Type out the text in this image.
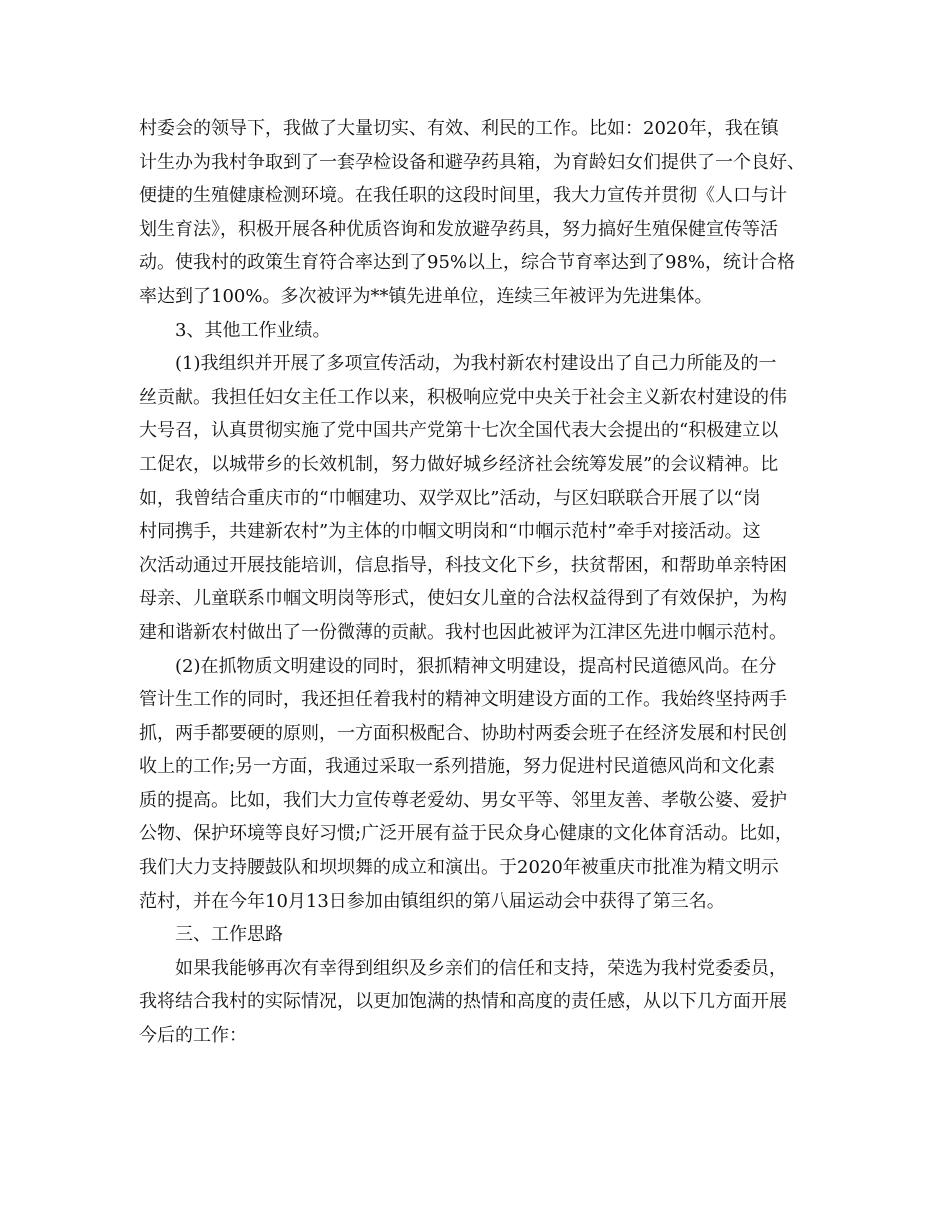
村委会的领导下，我做了大量切实、有效、利民的工作。比如：2020年，我在镇
计生办为我村争取到了一套孕检设备和避孕药具箱，为育龄妇女们提供了一个良好、
便捷的生殖健康检测环境。在我任职的这段时间里，我大力宣传并贯彻《人口与计
划生育法》，积极开展各种优质咨询和发放避孕药具，努力搞好生殖保健宣传等活
动。使我村的政策生育符合率达到了95%以上，综合节育率达到了98%，统计合格
率达到了100%。多次被评为**镇先进单位，连续三年被评为先进集体。
3、其他工作业绩。
(1)我组织并开展了多项宣传活动，为我村新农村建设出了自己力所能及的一
丝贡献。我担任妇女主任工作以来，积极响应党中央关于社会主义新农村建设的伟
大号召，认真贯彻实施了党中国共产党第十七次全国代表大会提出的“积极建立以
工促农，以城带乡的长效机制，努力做好城乡经济社会统筹发展”的会议精神。比
如，我曾结合重庆市的“巾帼建功、双学双比”活动，与区妇联联合开展了以“岗
村同携手，共建新农村”为主体的巾帼文明岗和“巾帼示范村”牵手对接活动。这
次活动通过开展技能培训，信息指导，科技文化下乡，扶贫帮困，和帮助单亲特困
母亲、儿童联系巾帼文明岗等形式，使妇女儿童的合法权益得到了有效保护，为构
建和谐新农村做出了一份微薄的贡献。我村也因此被评为江津区先进巾帼示范村。
(2)在抓物质文明建设的同时，狠抓精神文明建设，提高村民道德风尚。在分
管计生工作的同时，我还担任着我村的精神文明建设方面的工作。我始终坚持两手
抓，两手都要硬的原则，一方面积极配合、协助村两委会班子在经济发展和村民创
收上的工作;另一方面，我通过采取一系列措施，努力促进村民道德风尚和文化素
质的提高。比如，我们大力宣传尊老爱幼、男女平等、邻里友善、孝敬公婆、爱护
公物、保护环境等良好习惯;广泛开展有益于民众身心健康的文化体育活动。比如，
我们大力支持腰鼓队和坝坝舞的成立和演出。于2020年被重庆市批准为精文明示
范村，并在今年10月13日参加由镇组织的第八届运动会中获得了第三名。
三、工作思路
如果我能够再次有幸得到组织及乡亲们的信任和支持，荣选为我村党委委员，
我将结合我村的实际情况，以更加饱满的热情和高度的责任感，从以下几方面开展
今后的工作：
